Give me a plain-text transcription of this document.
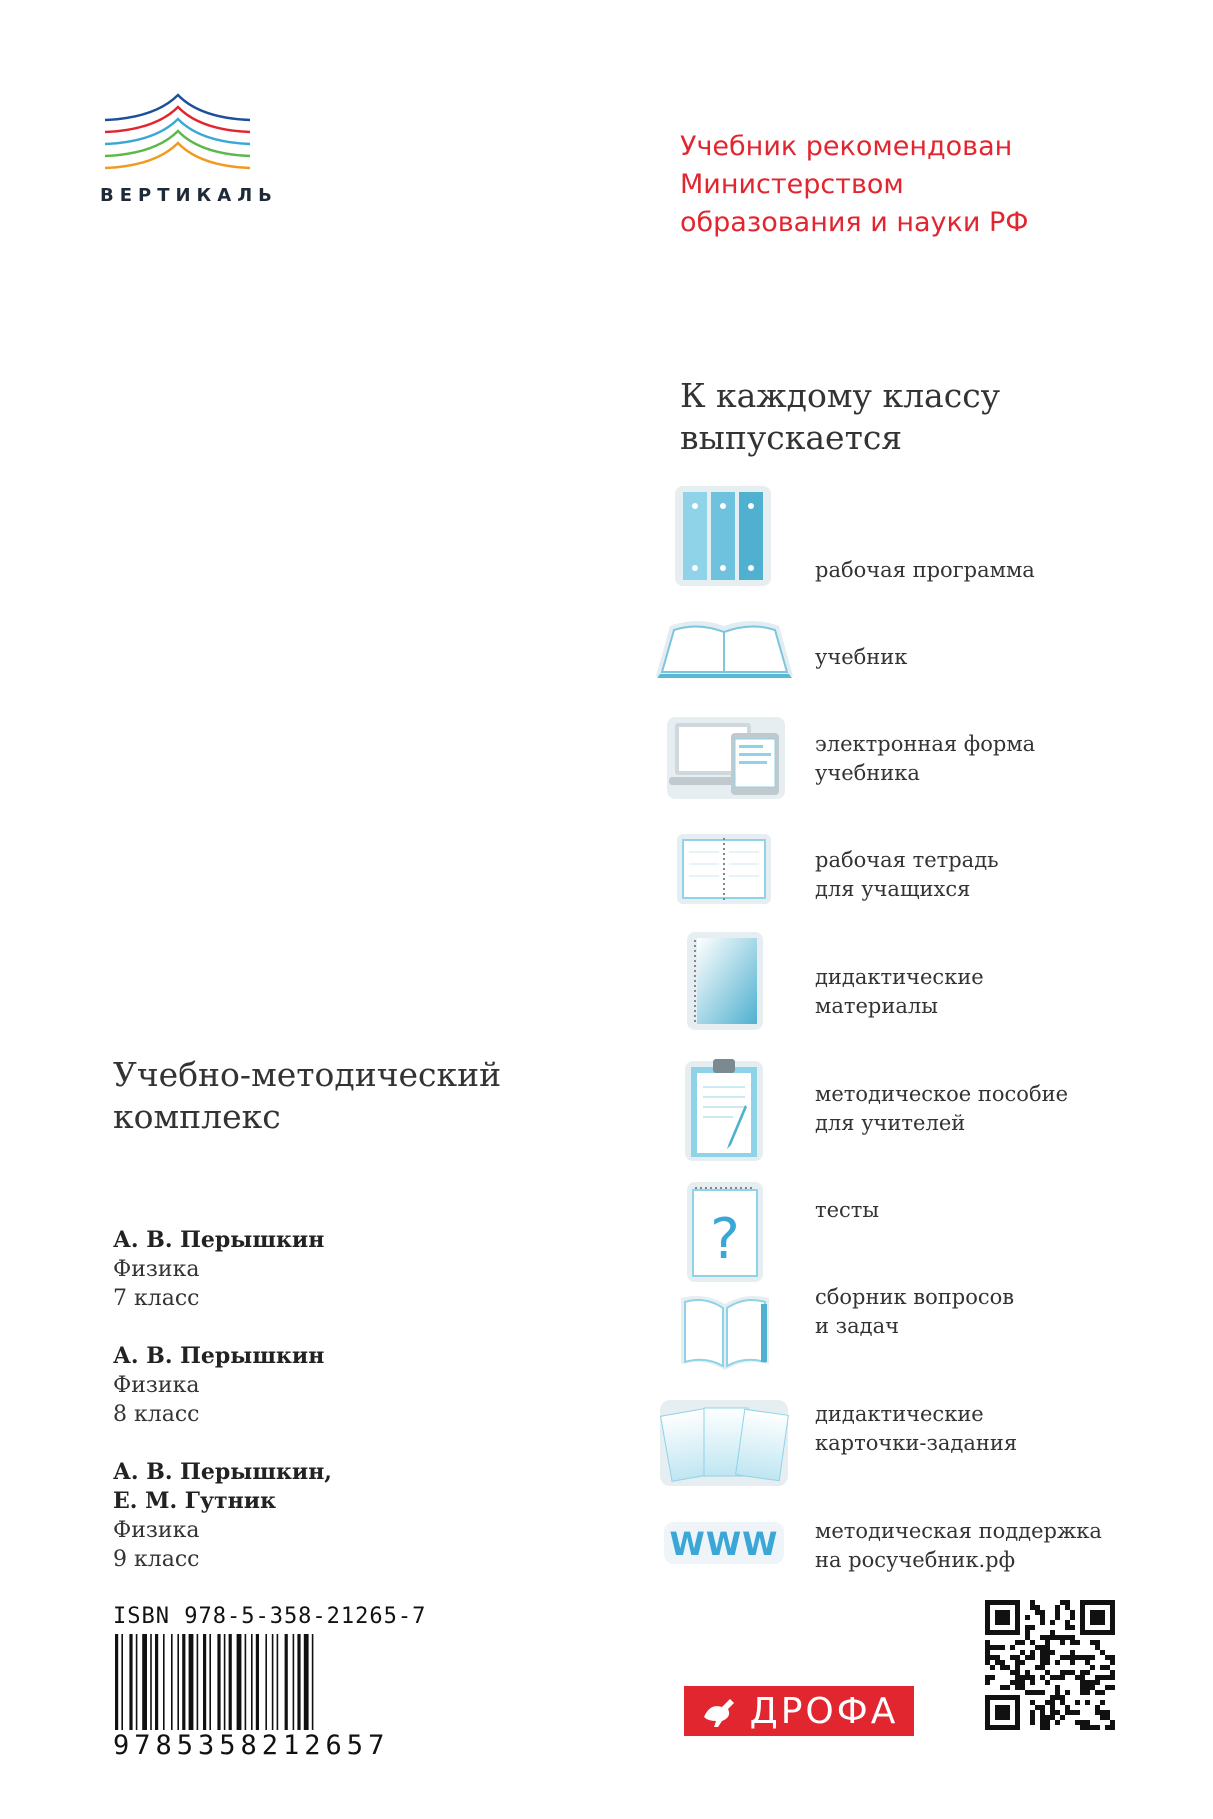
ВЕРТИКАЛЬ
Учебник рекомендован
Министерством
образования и науки РФ
К каждому классу
выпускается
рабочая программа
учебник
электронная форма
учебника
рабочая тетрадь
для учащихся
дидактические
материалы
методическое пособие
для учителей
?	тесты
сборник вопросов
и задач
дидактические
карточки-задания
WWW методическая поддержка
на росучебник.рф
Учебно-методический
комплекс
А. В. Перышкин
Физика
7 класс
А. В. Перышкин
Физика
8 класс
А. В. Перышкин,
Е. М. Гутник
Физика
9 класс
ISBN 978-5-358-21265-7
9785358212657
ДРОФА
